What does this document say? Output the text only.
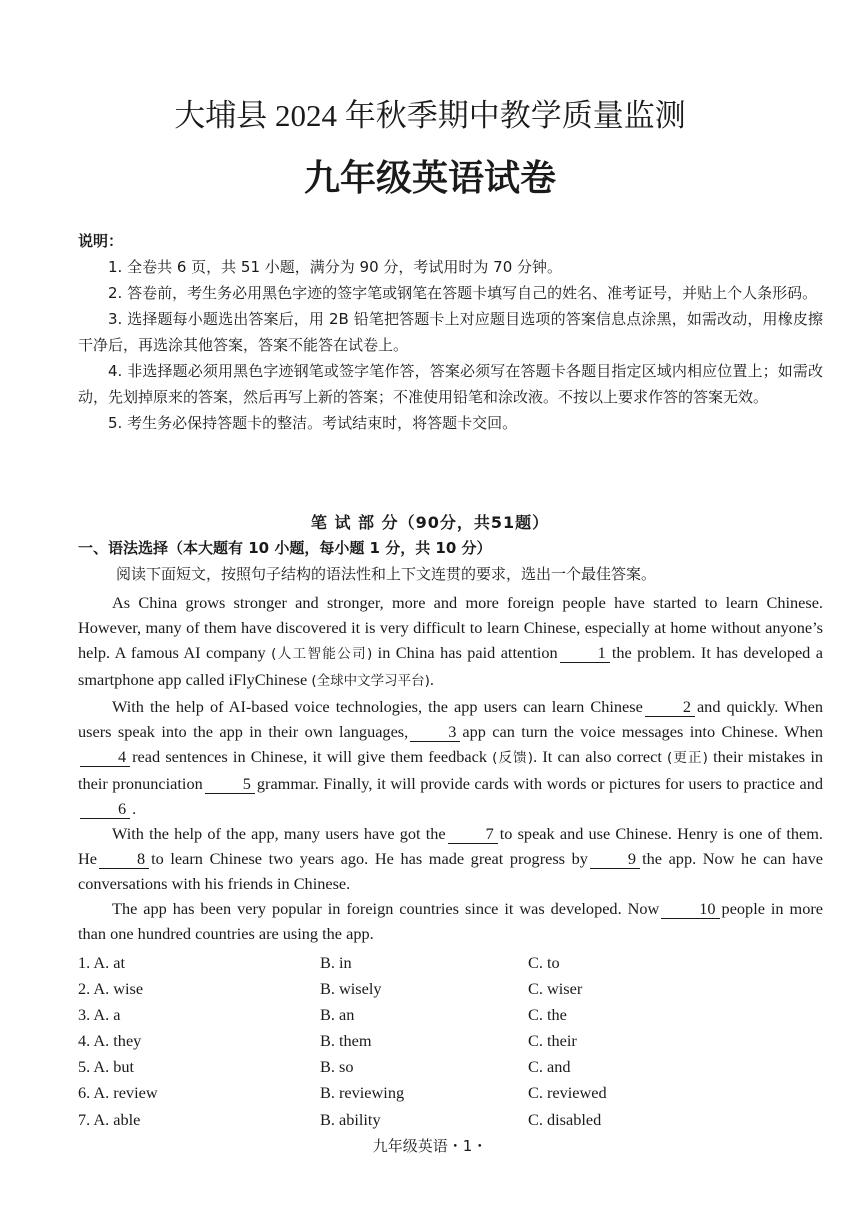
大埔县 2024 年秋季期中教学质量监测
九年级英语试卷
说明：

1. 全卷共 6 页，共 51 小题，满分为 90 分，考试用时为 70 分钟。

2. 答卷前，考生务必用黑色字迹的签字笔或钢笔在答题卡填写自己的姓名、准考证号，并贴上个人条形码。

3. 选择题每小题选出答案后，用 2B 铅笔把答题卡上对应题目选项的答案信息点涂黑，如需改动，用橡皮擦干净后，再选涂其他答案，答案不能答在试卷上。

4. 非选择题必须用黑色字迹钢笔或签字笔作答，答案必须写在答题卡各题目指定区域内相应位置上；如需改动，先划掉原来的答案，然后再写上新的答案；不准使用铅笔和涂改液。不按以上要求作答的答案无效。

5. 考生务必保持答题卡的整洁。考试结束时，将答题卡交回。

笔 试 部 分（90分，共51题）
一、语法选择（本大题有 10 小题，每小题 1 分，共 10 分）
阅读下面短文，按照句子结构的语法性和上下文连贯的要求，选出一个最佳答案。

As China grows stronger and stronger, more and more foreign people have started to learn Chinese. However, many of them have discovered it is very difficult to learn Chinese, especially at home without anyone’s help. A famous AI company (人工智能公司) in China has paid attention 1 the problem. It has developed a smartphone app called iFlyChinese (全球中文学习平台).

With the help of AI-based voice technologies, the app users can learn Chinese 2 and quickly. When users speak into the app in their own languages, 3 app can turn the voice messages into Chinese. When4 read sentences in Chinese, it will give them feedback (反馈). It can also correct (更正) their mistakes in their pronunciation 5 grammar. Finally, it will provide cards with words or pictures for users to practice and6 .

With the help of the app, many users have got the 7 to speak and use Chinese. Henry is one of them. He 8 to learn Chinese two years ago. He has made great progress by 9 the app. Now he can have conversations with his friends in Chinese.

The app has been very popular in foreign countries since it was developed. Now 10 people in more than one hundred countries are using the app.

1. A. at	B. in	C. to
2. A. wise	B. wisely	C. wiser
3. A. a	B. an	C. the
4. A. they	B. them	C. their
5. A. but	B. so	C. and
6. A. review	B. reviewing	C. reviewed
7. A. able	B. ability	C. disabled
九年级英语・1・
